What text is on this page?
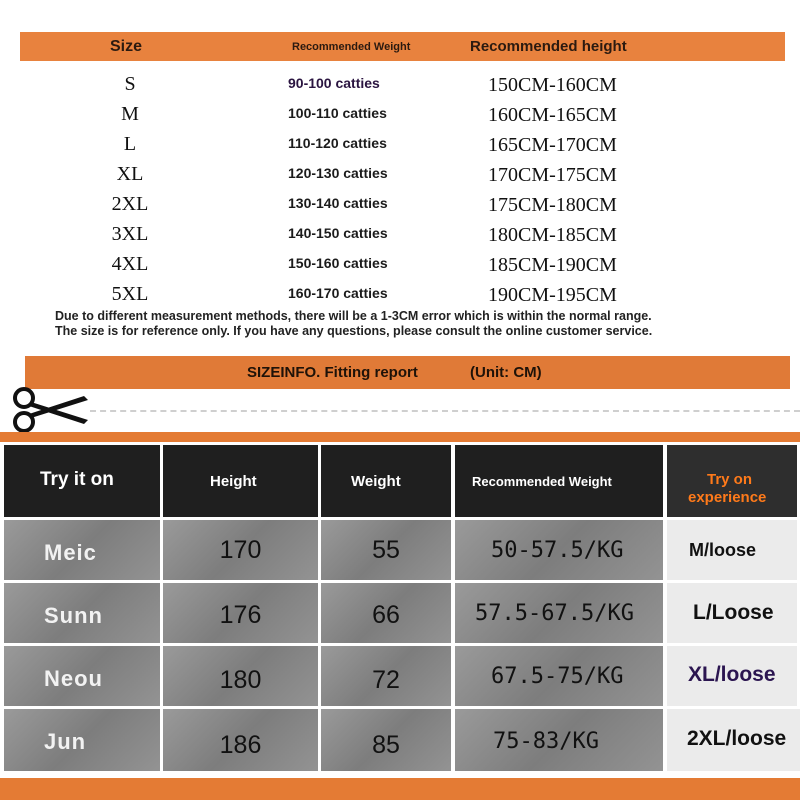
Size	Recommended Weight	Recommended height
S	90-100 catties	150CM-160CM
M	100-110 catties	160CM-165CM
L	110-120 catties	165CM-170CM
XL	120-130 catties	170CM-175CM
2XL	130-140 catties	175CM-180CM
3XL	140-150 catties	180CM-185CM
4XL	150-160 catties	185CM-190CM
5XL	160-170 catties	190CM-195CM
Due to different measurement methods, there will be a 1-3CM error which is within the normal range.
The size is for reference only. If you have any questions, please consult the online customer service.
SIZEINFO. Fitting report	(Unit: CM)
Try it on	Height	Weight	Recommended Weight	Try on
experience
Meic	170	55	50-57.5/KG	M/loose
Sunn	176	66	57.5-67.5/KG	L/Loose
Neou	180	72	67.5-75/KG	XL/loose
Jun	186	85	75-83/KG	2XL/loose
